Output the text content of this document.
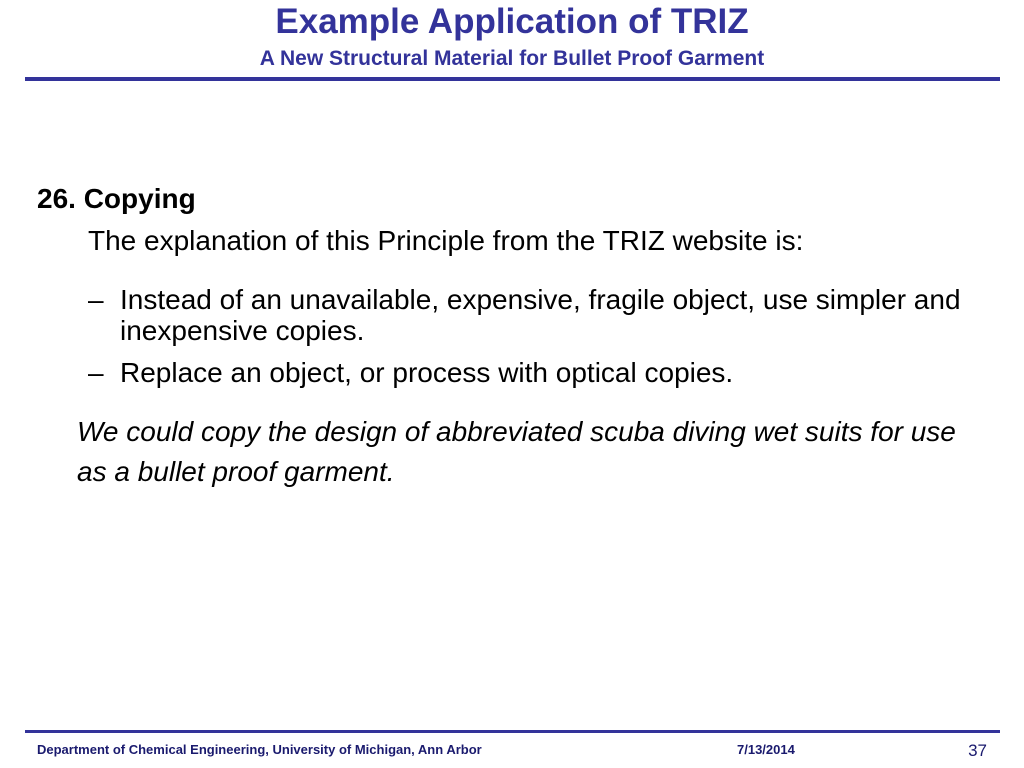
Example Application of TRIZ
A New Structural Material for Bullet Proof Garment
26. Copying
The explanation of this Principle from the TRIZ website is:
– Instead of an unavailable, expensive, fragile object, use simpler and inexpensive copies.
– Replace an object, or process with optical copies.
We could copy the design of abbreviated scuba diving wet suits for use as a bullet proof garment.
Department of Chemical Engineering, University of Michigan, Ann Arbor	7/13/2014	37
